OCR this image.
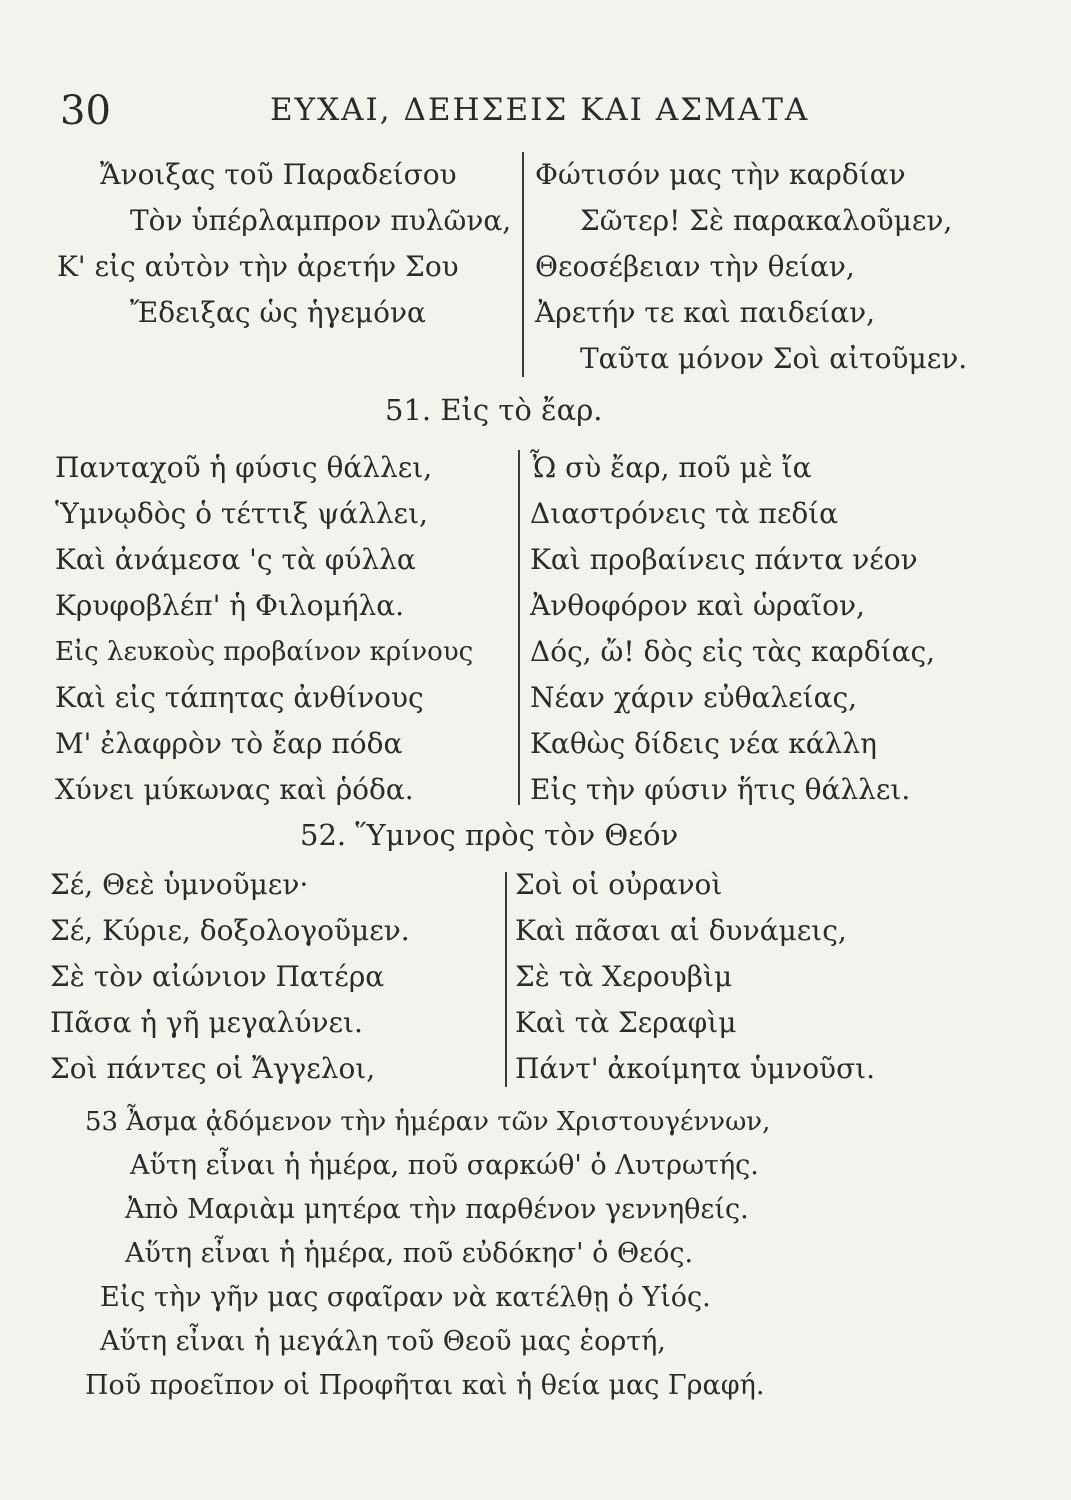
30	ΕΥΧΑΙ, ΔΕΗΣΕΙΣ ΚΑΙ ΑΣΜΑΤΑ
Ἄνοιξας τοῦ Παραδείσου
Τὸν ὑπέρλαμπρον πυλῶνα,
Κ' εἰς αὐτὸν τὴν ἀρετήν Σου
Ἔδειξας ὡς ἡγεμόνα
Φώτισόν μας τὴν καρδίαν
Σῶτερ! Σὲ παρακαλοῦμεν,
Θεοσέβειαν τὴν θείαν,
Ἀρετήν τε καὶ παιδείαν,
Ταῦτα μόνον Σοὶ αἰτοῦμεν.
51. Εἰς τὸ ἔαρ.
Πανταχοῦ ἡ φύσις θάλλει,
Ὑμνῳδὸς ὁ τέττιξ ψάλλει,
Καὶ ἀνάμεσα 'ς τὰ φύλλα
Κρυφοβλέπ' ἡ Φιλομήλα.
Εἰς λευκοὺς προβαίνον κρίνους
Καὶ εἰς τάπητας ἀνθίνους
Μ' ἐλαφρὸν τὸ ἔαρ πόδα
Χύνει μύκωνας καὶ ῥόδα.
Ὦ σὺ ἔαρ, ποῦ μὲ ἴα
Διαστρόνεις τὰ πεδία
Καὶ προβαίνεις πάντα νέον
Ἀνθοφόρον καὶ ὡραῖον,
Δός, ὤ! δὸς εἰς τὰς καρδίας,
Νέαν χάριν εὐθαλείας,
Καθὼς δίδεις νέα κάλλη
Εἰς τὴν φύσιν ἥτις θάλλει.
52. Ὕμνος πρὸς τὸν Θεόν
Σέ, Θεὲ ὑμνοῦμεν·
Σέ, Κύριε, δοξολογοῦμεν.
Σὲ τὸν αἰώνιον Πατέρα
Πᾶσα ἡ γῆ μεγαλύνει.
Σοὶ πάντες οἱ Ἄγγελοι,
Σοὶ οἱ οὐρανοὶ
Καὶ πᾶσαι αἱ δυνάμεις,
Σὲ τὰ Χερουβὶμ
Καὶ τὰ Σεραφὶμ
Πάντ' ἀκοίμητα ὑμνοῦσι.
53 Ἆσμα ᾀδόμενον τὴν ἡμέραν τῶν Χριστουγέννων,
Αὕτη εἶναι ἡ ἡμέρα, ποῦ σαρκώθ' ὁ Λυτρωτής.
Ἀπὸ Μαριὰμ μητέρα τὴν παρθένον γεννηθείς.
Αὕτη εἶναι ἡ ἡμέρα, ποῦ εὐδόκησ' ὁ Θεός.
Εἰς τὴν γῆν μας σφαῖραν νὰ κατέλθῃ ὁ Υἱός.
Αὕτη εἶναι ἡ μεγάλη τοῦ Θεοῦ μας ἑορτή,
Ποῦ προεῖπον οἱ Προφῆται καὶ ἡ θεία μας Γραφή.
